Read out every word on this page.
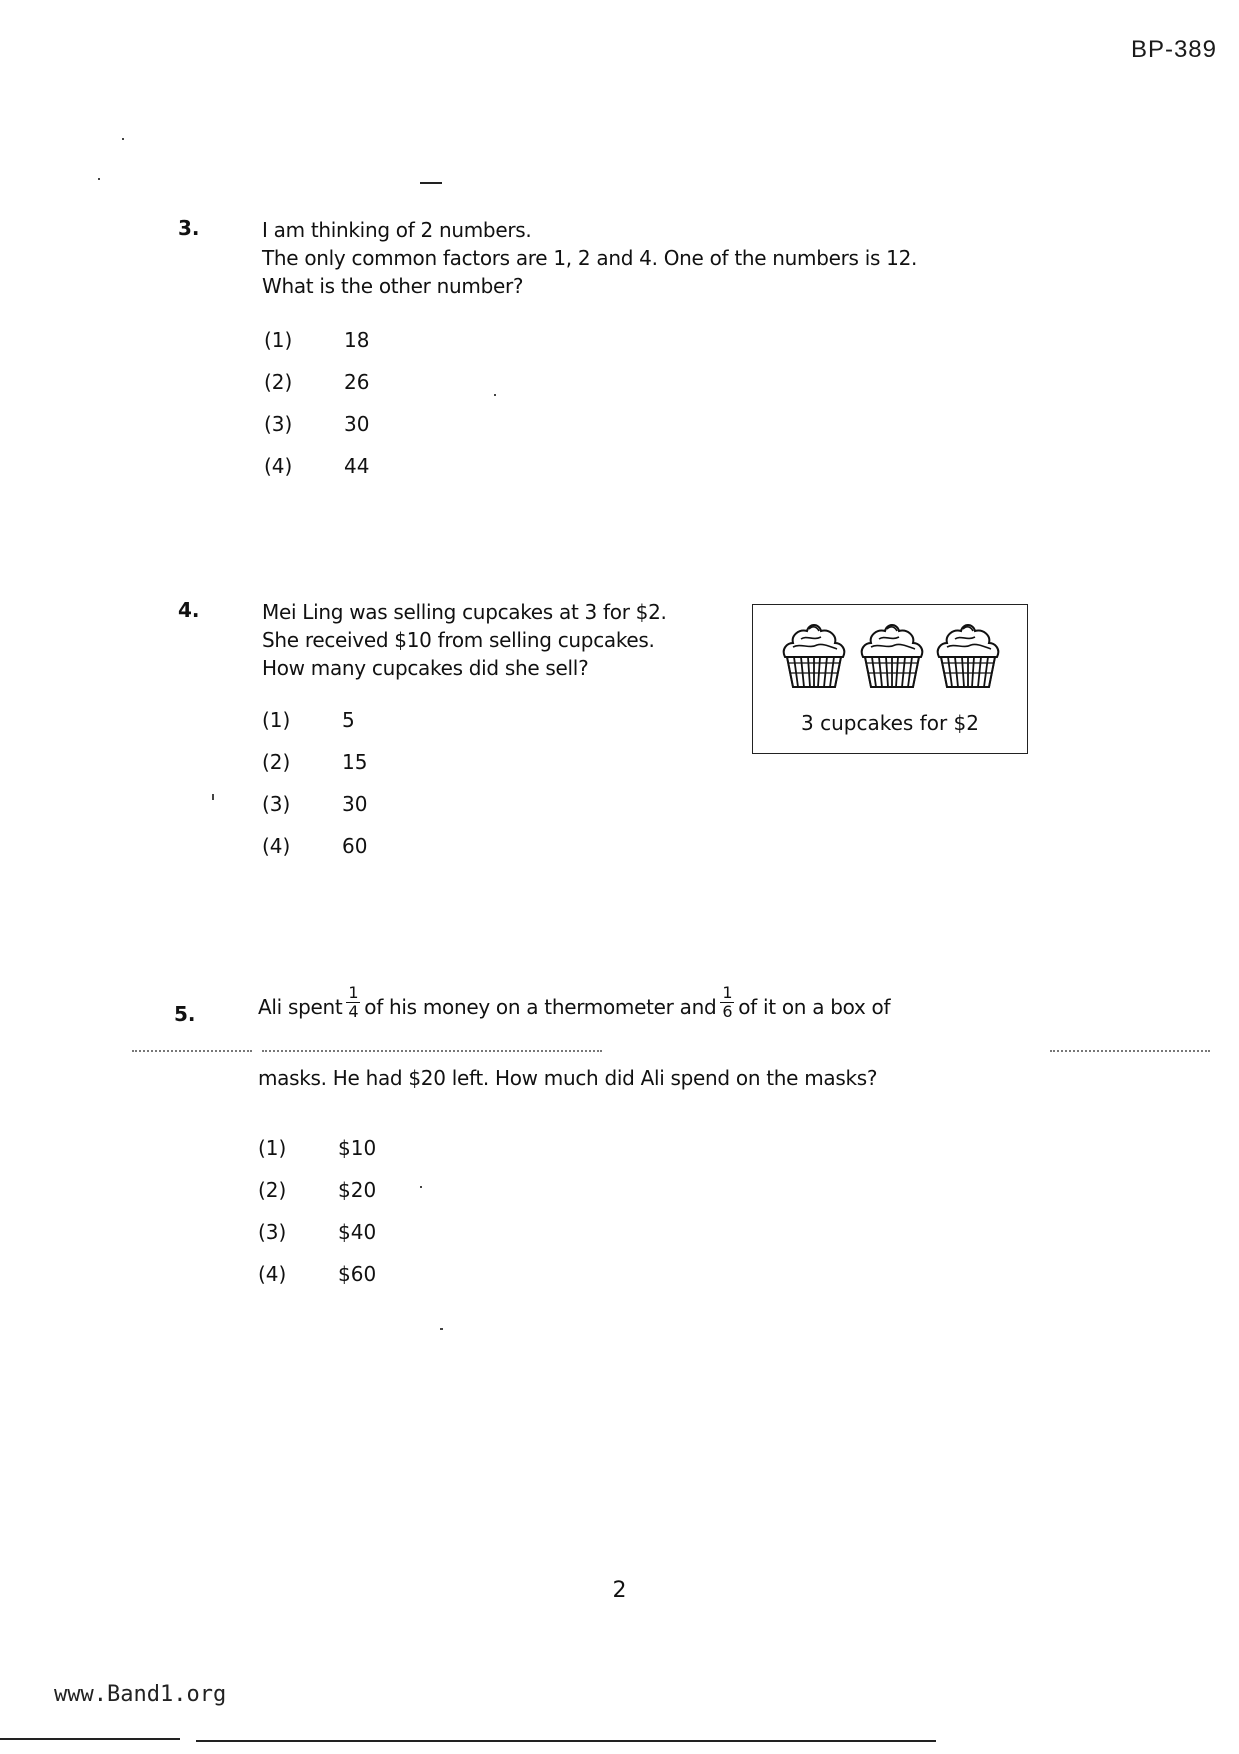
BP-389
3.	I am thinking of 2 numbers.
The only common factors are 1, 2 and 4. One of the numbers is 12.
What is the other number?
(1)	18
(2)	26
(3)	30
(4)	44
4.	Mei Ling was selling cupcakes at 3 for $2.
She received $10 from selling cupcakes.
How many cupcakes did she sell?
3 cupcakes for $2
(1)	5
(2)	15
(3)	30
(4)	60
5.	Ali spent $\frac{1}{4}$ of his money on a thermometer and $\frac{1}{6}$ of it on a box of
masks. He had $20 left. How much did Ali spend on the masks?
(1)	$10
(2)	$20
(3)	$40
(4)	$60
2
www.Band1.org
